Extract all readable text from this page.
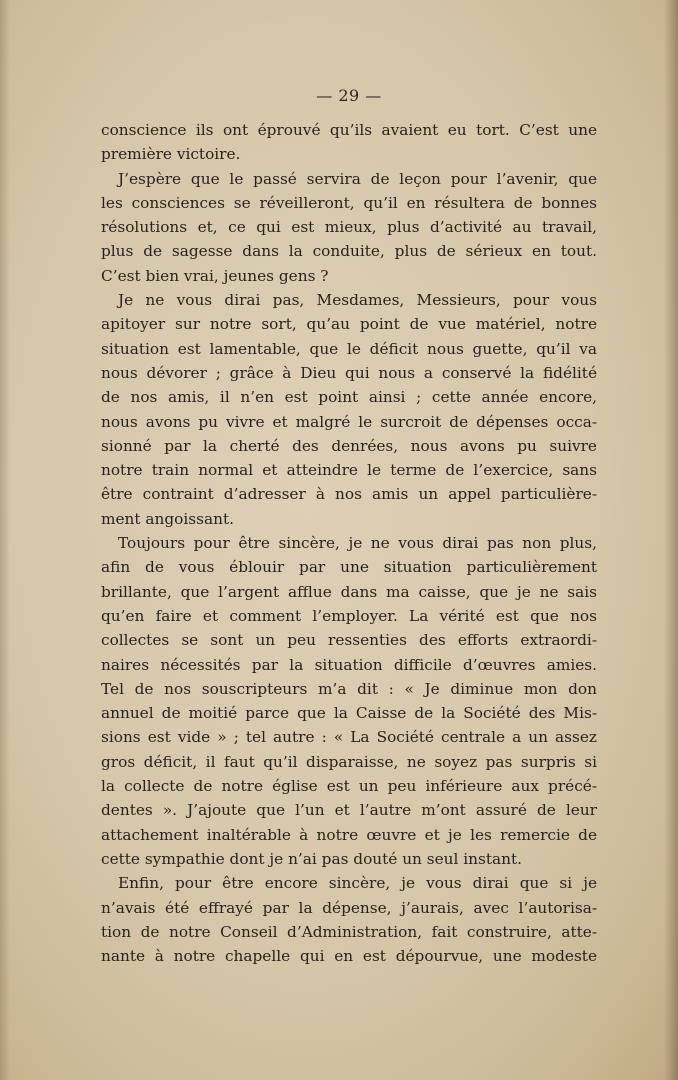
— 29 —
conscience ils ont éprouvé qu’ils avaient eu tort. C’est une
première victoire.
J’espère que le passé servira de leçon pour l’avenir, que
les consciences se réveilleront, qu’il en résultera de bonnes
résolutions et, ce qui est mieux, plus d’activité au travail,
plus de sagesse dans la conduite, plus de sérieux en tout.
C’est bien vrai, jeunes gens ?
Je ne vous dirai pas, Mesdames, Messieurs, pour vous
apitoyer sur notre sort, qu’au point de vue matériel, notre
situation est lamentable, que le déficit nous guette, qu’il va
nous dévorer ; grâce à Dieu qui nous a conservé la fidélité
de nos amis, il n’en est point ainsi ; cette année encore,
nous avons pu vivre et malgré le surcroit de dépenses occa-
sionné par la cherté des denrées, nous avons pu suivre
notre train normal et atteindre le terme de l’exercice, sans
être contraint d’adresser à nos amis un appel particulière-
ment angoissant.
Toujours pour être sincère, je ne vous dirai pas non plus,
afin de vous éblouir par une situation particulièrement
brillante, que l’argent afflue dans ma caisse, que je ne sais
qu’en faire et comment l’employer. La vérité est que nos
collectes se sont un peu ressenties des efforts extraordi-
naires nécessités par la situation difficile d’œuvres amies.
Tel de nos souscripteurs m’a dit : « Je diminue mon don
annuel de moitié parce que la Caisse de la Société des Mis-
sions est vide » ; tel autre : « La Société centrale a un assez
gros déficit, il faut qu’il disparaisse, ne soyez pas surpris si
la collecte de notre église est un peu inférieure aux précé-
dentes ». J’ajoute que l’un et l’autre m’ont assuré de leur
attachement inaltérable à notre œuvre et je les remercie de
cette sympathie dont je n’ai pas douté un seul instant.
Enfin, pour être encore sincère, je vous dirai que si je
n’avais été effrayé par la dépense, j’aurais, avec l’autorisa-
tion de notre Conseil d’Administration, fait construire, atte-
nante à notre chapelle qui en est dépourvue, une modeste
